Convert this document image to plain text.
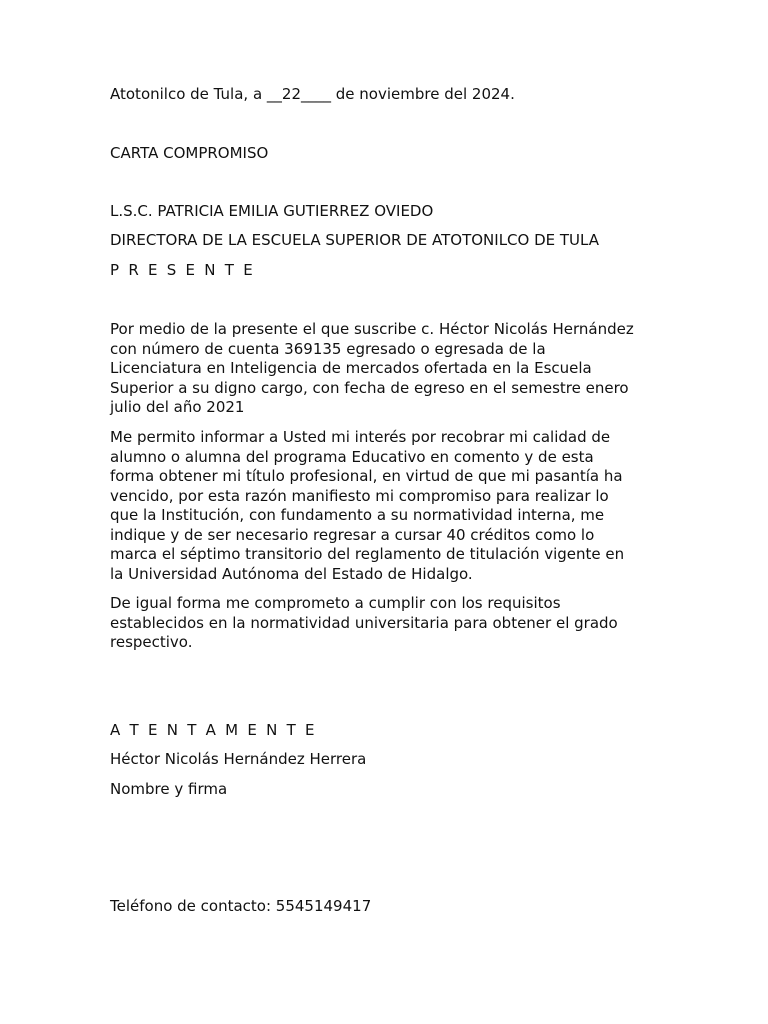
Atotonilco de Tula, a __22____ de noviembre del 2024.

CARTA COMPROMISO

L.S.C. PATRICIA EMILIA GUTIERREZ OVIEDO

DIRECTORA DE LA ESCUELA SUPERIOR DE ATOTONILCO DE TULA

P R E S E N T E

Por medio de la presente el que suscribe c. Héctor Nicolás Hernández
con número de cuenta 369135 egresado o egresada de la
Licenciatura en Inteligencia de mercados ofertada en la Escuela
Superior a su digno cargo, con fecha de egreso en el semestre enero
julio del año 2021
Me permito informar a Usted mi interés por recobrar mi calidad de
alumno o alumna del programa Educativo en comento y de esta
forma obtener mi título profesional, en virtud de que mi pasantía ha
vencido, por esta razón manifiesto mi compromiso para realizar lo
que la Institución, con fundamento a su normatividad interna, me
indique y de ser necesario regresar a cursar 40 créditos como lo
marca el séptimo transitorio del reglamento de titulación vigente en
la Universidad Autónoma del Estado de Hidalgo.
De igual forma me comprometo a cumplir con los requisitos
establecidos en la normatividad universitaria para obtener el grado
respectivo.

A T E N T A M E N T E

Héctor Nicolás Hernández Herrera

Nombre y firma

Teléfono de contacto: 5545149417
